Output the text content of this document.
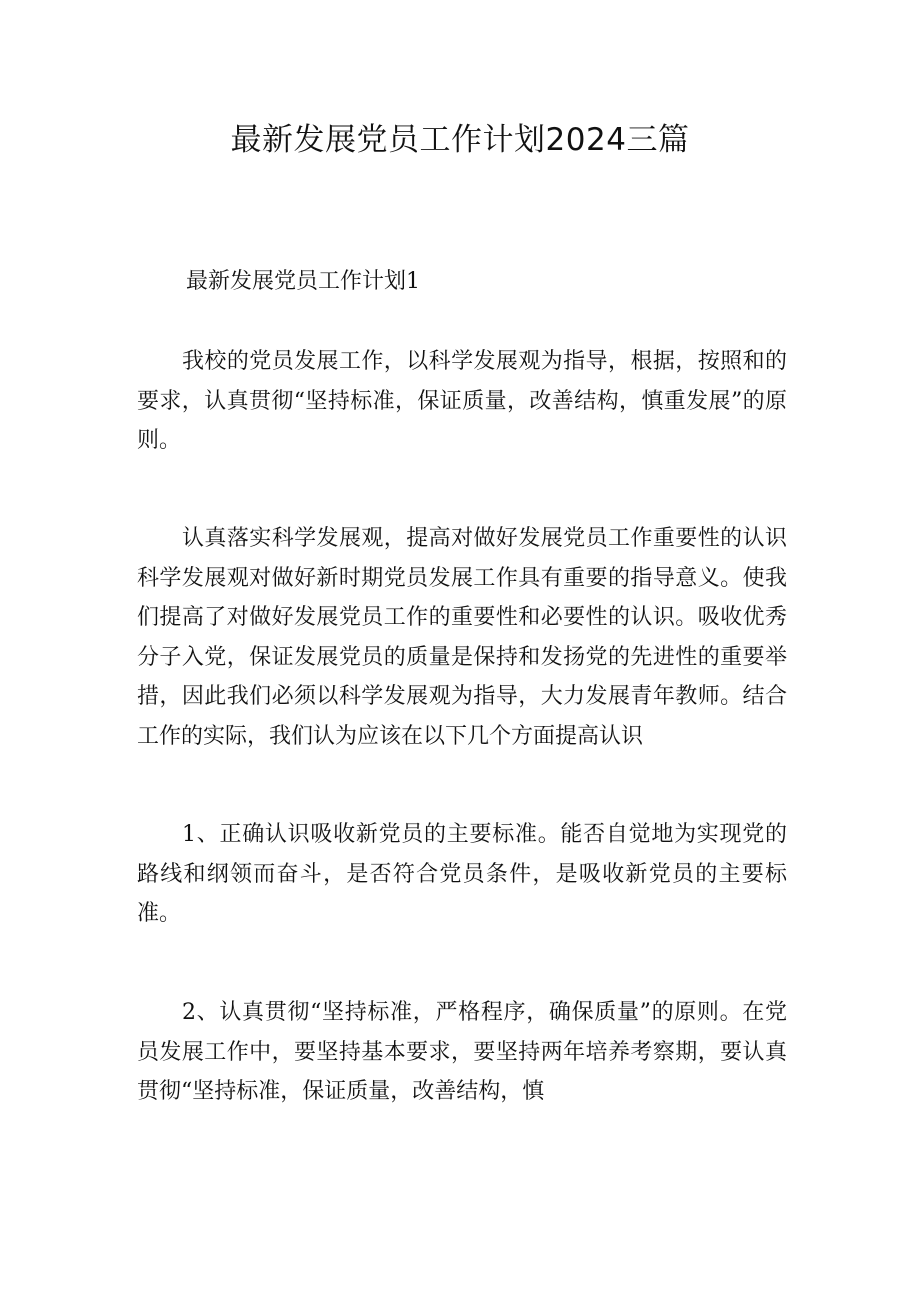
最新发展党员工作计划2024三篇

最新发展党员工作计划1

我校的党员发展工作，以科学发展观为指导，根据，按照和的要求，认真贯彻“坚持标准，保证质量，改善结构，慎重发展”的原则。

认真落实科学发展观，提高对做好发展党员工作重要性的认识科学发展观对做好新时期党员发展工作具有重要的指导意义。使我们提高了对做好发展党员工作的重要性和必要性的认识。吸收优秀分子入党，保证发展党员的质量是保持和发扬党的先进性的重要举措，因此我们必须以科学发展观为指导，大力发展青年教师。结合工作的实际，我们认为应该在以下几个方面提高认识

1、正确认识吸收新党员的主要标准。能否自觉地为实现党的路线和纲领而奋斗，是否符合党员条件，是吸收新党员的主要标准。

2、认真贯彻“坚持标准，严格程序，确保质量”的原则。在党员发展工作中，要坚持基本要求，要坚持两年培养考察期，要认真贯彻“坚持标准，保证质量，改善结构，慎
